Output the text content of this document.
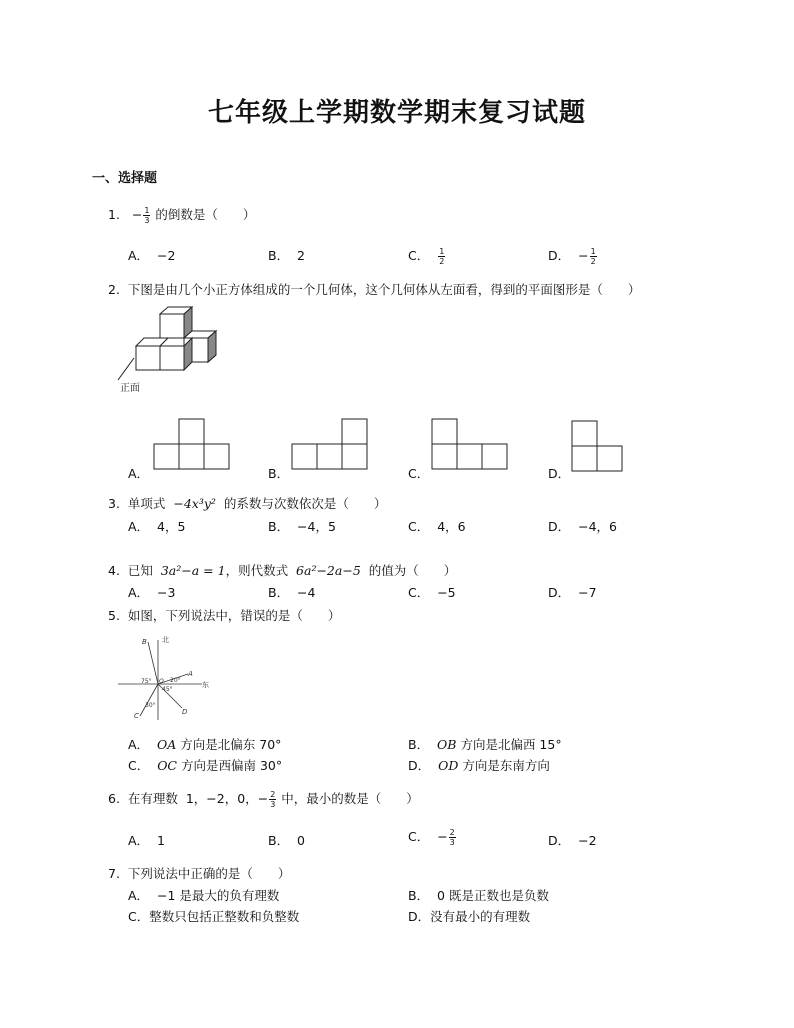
七年级上学期数学期末复习试题
一、选择题
1. − $\frac{1}{3}$ 的倒数是（　　）
A． −2	B． 2	C． $\frac{1}{2}$	D． − $\frac{1}{2}$
2. 下图是由几个小正方体组成的一个几何体，这个几何体从左面看，得到的平面图形是（　　）
正面
A．	B．	C．	D．
3. 单项式 −4x³y² 的系数与次数依次是（　　）
A． 4，5	B． −4，5	C． 4，6	D． −4，6
4. 已知 3a²−a = 1，则代数式 6a²−2a−5 的值为（　　）
A． −3	B． −4	C． −5	D． −7
5. 如图，下列说法中，错误的是（　　）
北
东
B
A
C	D
O
75°	20°
45°
30°
A． OA 方向是北偏东 70°	B． OB 方向是北偏西 15°
C． OC 方向是西偏南 30°	D． OD 方向是东南方向
6. 在有理数 1，−2，0，− $\frac{2}{3}$ 中，最小的数是（　　）
A． 1	B． 0	C． − $\frac{2}{3}$	D． −2
7. 下列说法中正确的是（　　）
A． −1 是最大的负有理数	B． 0 既是正数也是负数
C．整数只包括正整数和负整数	D．没有最小的有理数
